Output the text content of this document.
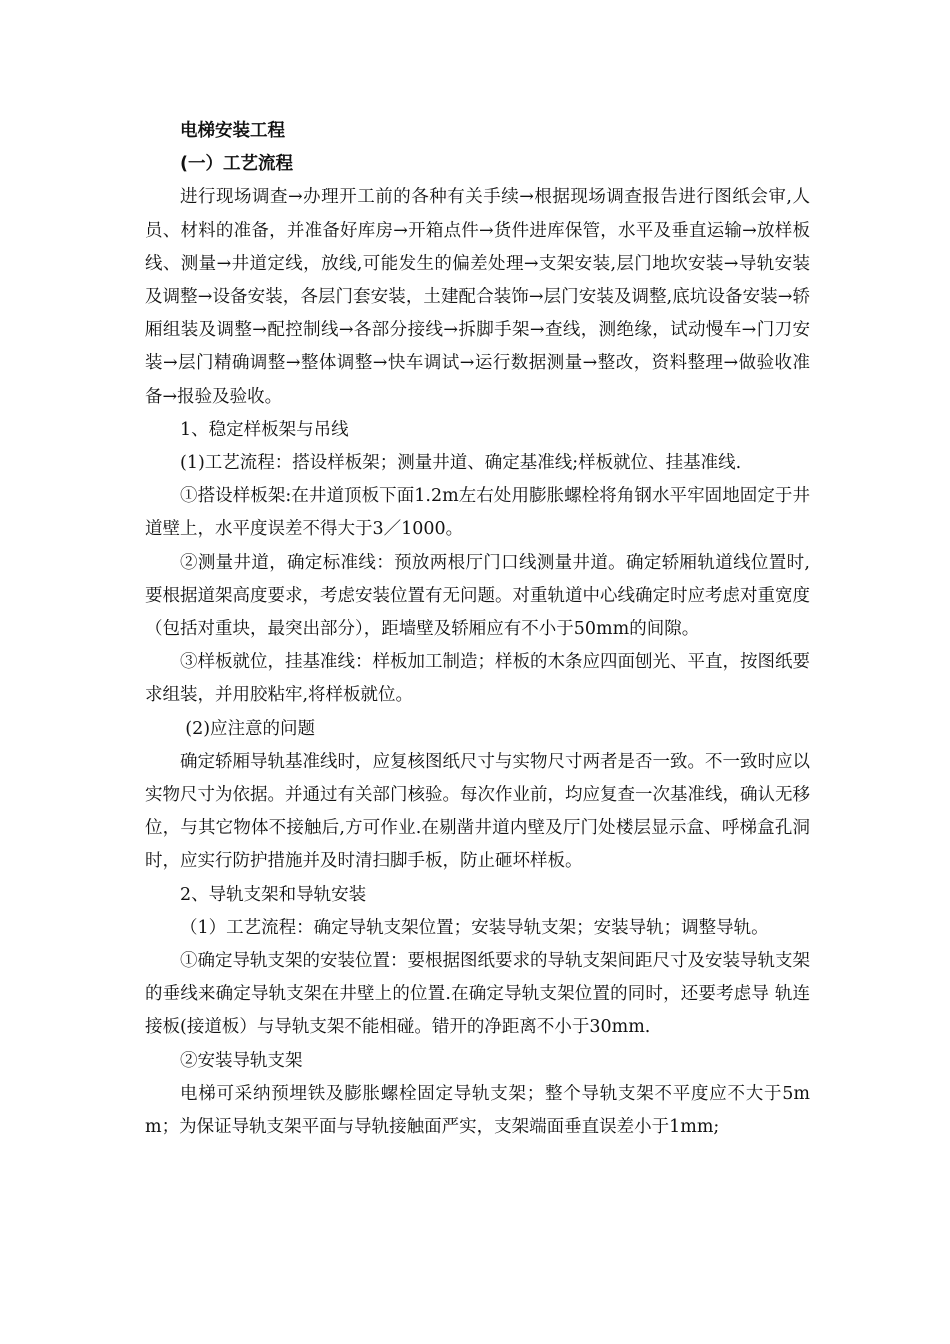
电梯安装工程

(一）工艺流程

进行现场调查→办理开工前的各种有关手续→根据现场调查报告进行图纸会审,人员、材料的准备，并准备好库房→开箱点件→货件进库保管，水平及垂直运输→放样板线、测量→井道定线，放线,可能发生的偏差处理→支架安装,层门地坎安装→导轨安装及调整→设备安装，各层门套安装，土建配合装饰→层门安装及调整,底坑设备安装→轿厢组装及调整→配控制线→各部分接线→拆脚手架→查线，测绝缘，试动慢车→门刀安装→层门精确调整→整体调整→快车调试→运行数据测量→整改，资料整理→做验收准备→报验及验收。

1、稳定样板架与吊线

(1)工艺流程：搭设样板架；测量井道、确定基准线;样板就位、挂基准线.

①搭设样板架:在井道顶板下面1.2m左右处用膨胀螺栓将角钢水平牢固地固定于井道壁上，水平度误差不得大于3／1000。

②测量井道，确定标准线：预放两根厅门口线测量井道。确定轿厢轨道线位置时,要根据道架高度要求，考虑安装位置有无问题。对重轨道中心线确定时应考虑对重宽度（包括对重块，最突出部分），距墙壁及轿厢应有不小于50mm的间隙。

③样板就位，挂基准线：样板加工制造；样板的木条应四面刨光、平直，按图纸要求组装，并用胶粘牢,将样板就位。

(2)应注意的问题

确定轿厢导轨基准线时，应复核图纸尺寸与实物尺寸两者是否一致。不一致时应以实物尺寸为依据。并通过有关部门核验。每次作业前，均应复查一次基准线，确认无移位，与其它物体不接触后,方可作业.在剔凿井道内壁及厅门处楼层显示盒、呼梯盒孔洞时，应实行防护措施并及时清扫脚手板，防止砸坏样板。

2、导轨支架和导轨安装

（1）工艺流程：确定导轨支架位置；安装导轨支架；安装导轨；调整导轨。

①确定导轨支架的安装位置：要根据图纸要求的导轨支架间距尺寸及安装导轨支架的垂线来确定导轨支架在井壁上的位置.在确定导轨支架位置的同时，还要考虑导 轨连接板(接道板）与导轨支架不能相碰。错开的净距离不小于30mm.

②安装导轨支架

电梯可采纳预埋铁及膨胀螺栓固定导轨支架；整个导轨支架不平度应不大于5mm；为保证导轨支架平面与导轨接触面严实，支架端面垂直误差小于1mm;
